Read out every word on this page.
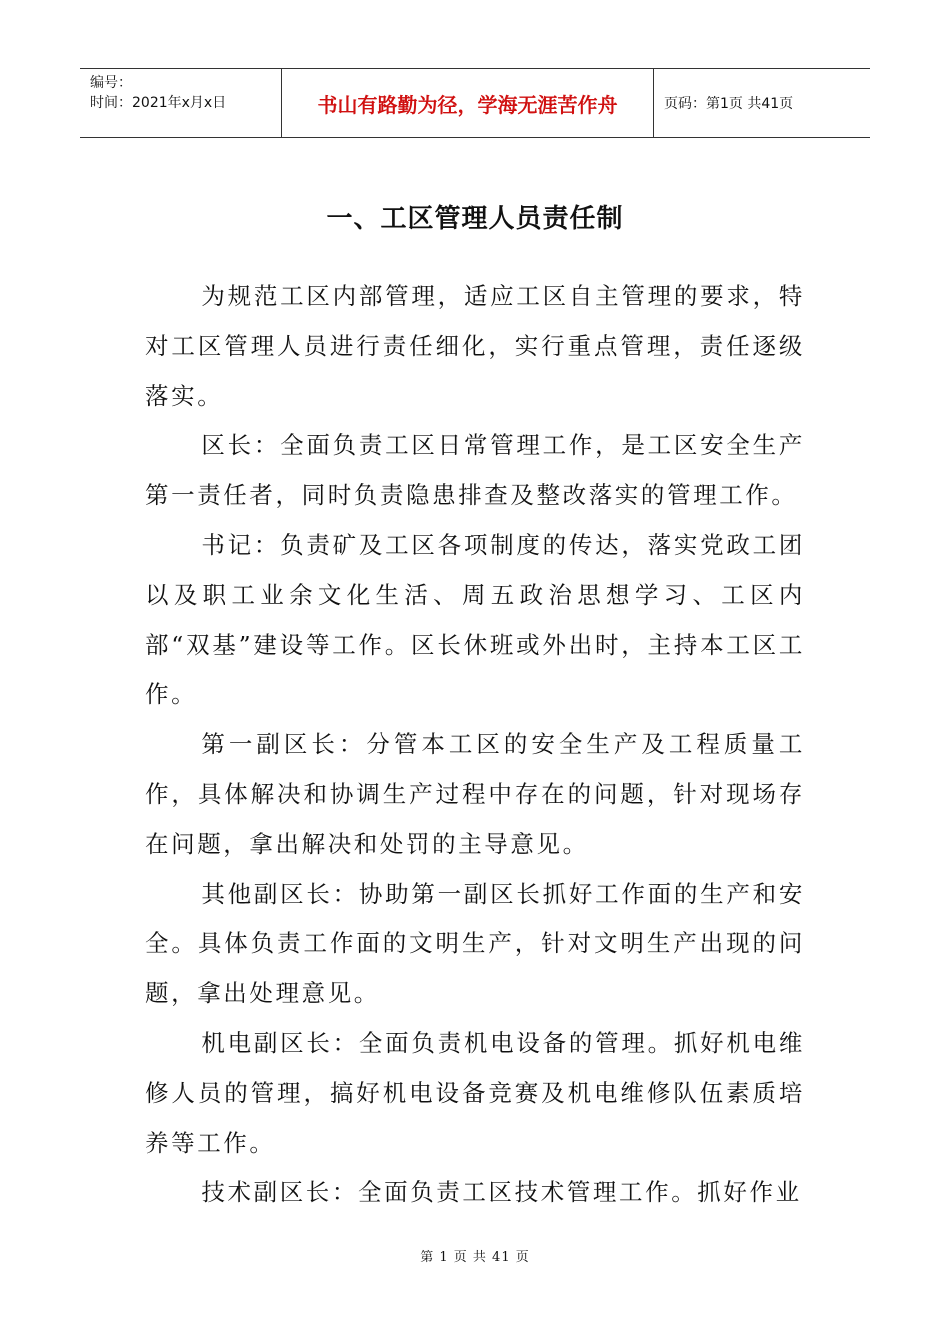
编号：
时间：2021年x月x日	书山有路勤为径，学海无涯苦作舟	页码：第1页 共41页
一、工区管理人员责任制

为规范工区内部管理，适应工区自主管理的要求，特对工区管理人员进行责任细化，实行重点管理，责任逐级落实。

区长：全面负责工区日常管理工作，是工区安全生产第一责任者，同时负责隐患排查及整改落实的管理工作。

书记：负责矿及工区各项制度的传达，落实党政工团以及职工业余文化生活、周五政治思想学习、工区内部“双基”建设等工作。区长休班或外出时，主持本工区工作。

第一副区长：分管本工区的安全生产及工程质量工作，具体解决和协调生产过程中存在的问题，针对现场存在问题，拿出解决和处罚的主导意见。

其他副区长：协助第一副区长抓好工作面的生产和安全。具体负责工作面的文明生产，针对文明生产出现的问题，拿出处理意见。

机电副区长：全面负责机电设备的管理。抓好机电维修人员的管理，搞好机电设备竞赛及机电维修队伍素质培养等工作。

技术副区长：全面负责工区技术管理工作。抓好作业

第 1 页 共 41 页
